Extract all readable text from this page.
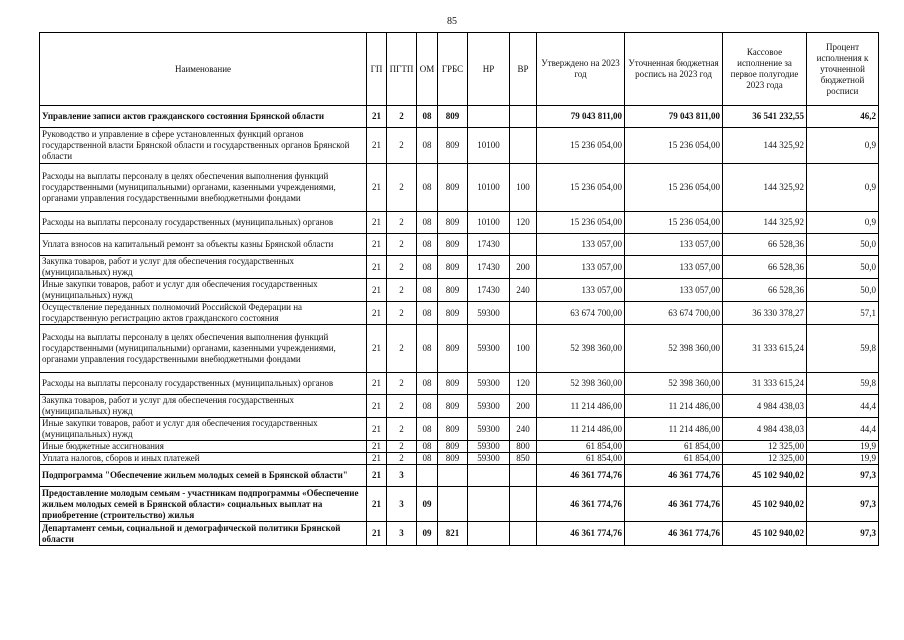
85
Наименование	ГП	ПГТП	ОМ	ГРБС	НР	ВР	Утверждено на 2023 год	Уточненная бюджетная роспись на 2023 год	Кассовое исполнение за первое полугодие 2023 года	Процент исполнения к уточненной бюджетной росписи
Управление записи актов гражданского состояния Брянской области	21	2	08	809			79 043 811,00	79 043 811,00	36 541 232,55	46,2
Руководство и управление в сфере установленных функций органов государственной власти Брянской области и государственных органов Брянской области	21	2	08	809	10100		15 236 054,00	15 236 054,00	144 325,92	0,9
Расходы на выплаты персоналу в целях обеспечения выполнения функций государственными (муниципальными) органами, казенными учреждениями, органами управления государственными внебюджетными фондами	21	2	08	809	10100	100	15 236 054,00	15 236 054,00	144 325,92	0,9
Расходы на выплаты персоналу государственных (муниципальных) органов	21	2	08	809	10100	120	15 236 054,00	15 236 054,00	144 325,92	0,9
Уплата взносов на капитальный ремонт за объекты казны Брянской области	21	2	08	809	17430		133 057,00	133 057,00	66 528,36	50,0
Закупка товаров, работ и услуг для обеспечения государственных (муниципальных) нужд	21	2	08	809	17430	200	133 057,00	133 057,00	66 528,36	50,0
Иные закупки товаров, работ и услуг для обеспечения государственных (муниципальных) нужд	21	2	08	809	17430	240	133 057,00	133 057,00	66 528,36	50,0
Осуществление переданных полномочий Российской Федерации на государственную регистрацию актов гражданского состояния	21	2	08	809	59300		63 674 700,00	63 674 700,00	36 330 378,27	57,1
Расходы на выплаты персоналу в целях обеспечения выполнения функций государственными (муниципальными) органами, казенными учреждениями, органами управления государственными внебюджетными фондами	21	2	08	809	59300	100	52 398 360,00	52 398 360,00	31 333 615,24	59,8
Расходы на выплаты персоналу государственных (муниципальных) органов	21	2	08	809	59300	120	52 398 360,00	52 398 360,00	31 333 615,24	59,8
Закупка товаров, работ и услуг для обеспечения государственных (муниципальных) нужд	21	2	08	809	59300	200	11 214 486,00	11 214 486,00	4 984 438,03	44,4
Иные закупки товаров, работ и услуг для обеспечения государственных (муниципальных) нужд	21	2	08	809	59300	240	11 214 486,00	11 214 486,00	4 984 438,03	44,4
Иные бюджетные ассигнования	21	2	08	809	59300	800	61 854,00	61 854,00	12 325,00	19,9
Уплата налогов, сборов и иных платежей	21	2	08	809	59300	850	61 854,00	61 854,00	12 325,00	19,9
Подпрограмма "Обеспечение жильем молодых семей в Брянской области"	21	3					46 361 774,76	46 361 774,76	45 102 940,02	97,3
Предоставление молодым семьям - участникам подпрограммы «Обеспечение жильем молодых семей в Брянской области» социальных выплат на приобретение (строительство) жилья	21	3	09				46 361 774,76	46 361 774,76	45 102 940,02	97,3
Департамент семьи, социальной и демографической политики Брянской области	21	3	09	821			46 361 774,76	46 361 774,76	45 102 940,02	97,3
